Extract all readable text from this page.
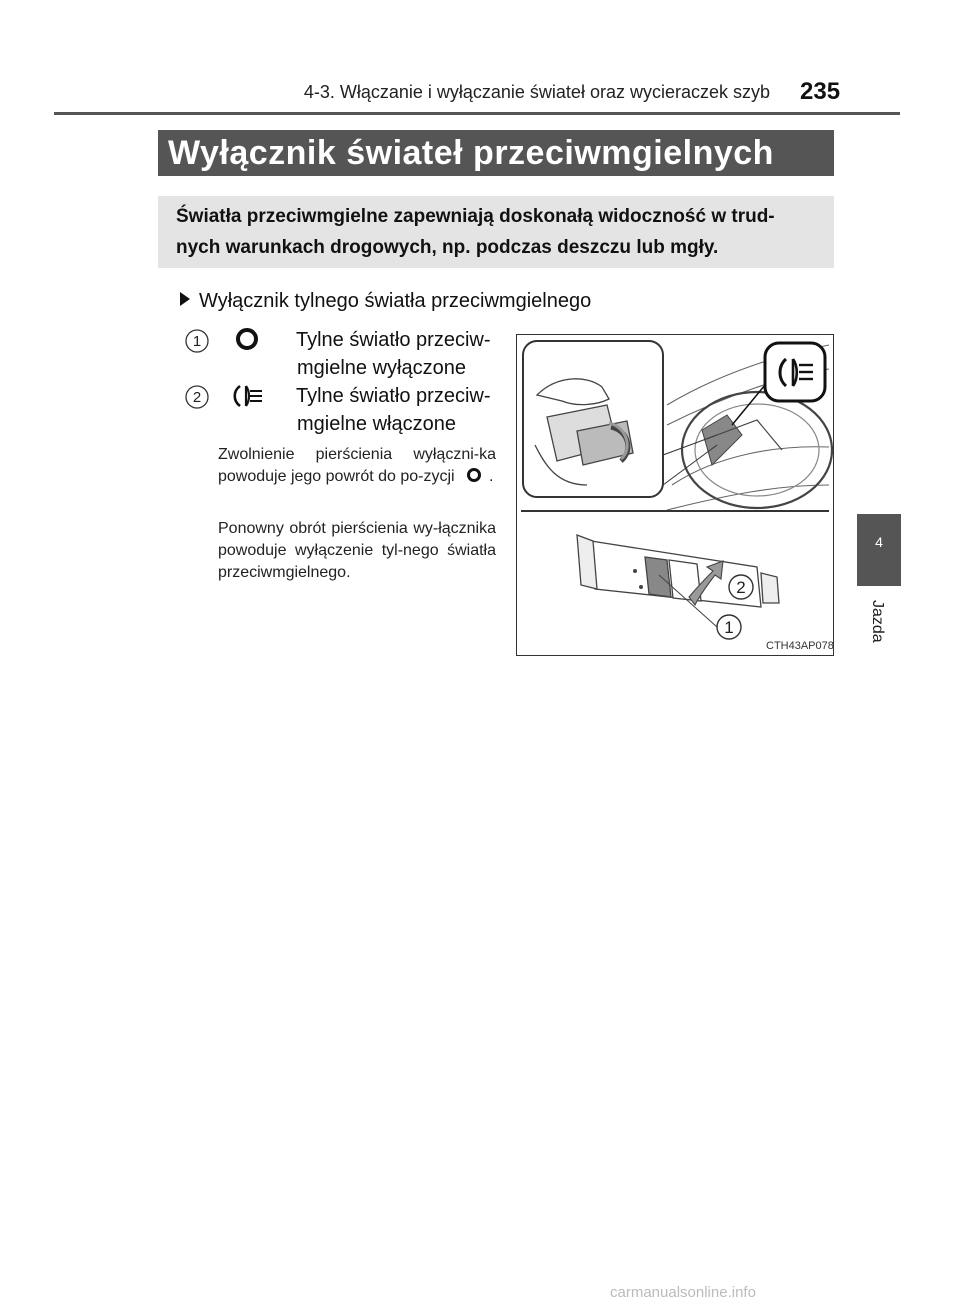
4-3. Włączanie i wyłączanie świateł oraz wycieraczek szyb 235
Wyłącznik świateł przeciwmgielnych
Światła przeciwmgielne zapewniają doskonałą widoczność w trud-nych warunkach drogowych, np. podczas deszczu lub mgły.
Wyłącznik tylnego światła przeciwmgielnego
1	Tylne światło przeciw-
mgielne wyłączone
2	Tylne światło przeciw-
mgielne włączone
Zwolnienie pierścienia wyłączni-ka powoduje jego powrót do po-zycji .
Ponowny obrót pierścienia wy-łącznika powoduje wyłączenie tyl-nego światła przeciwmgielnego.
2
1
CTH43AP078
4
Jazda
carmanualsonline.info
